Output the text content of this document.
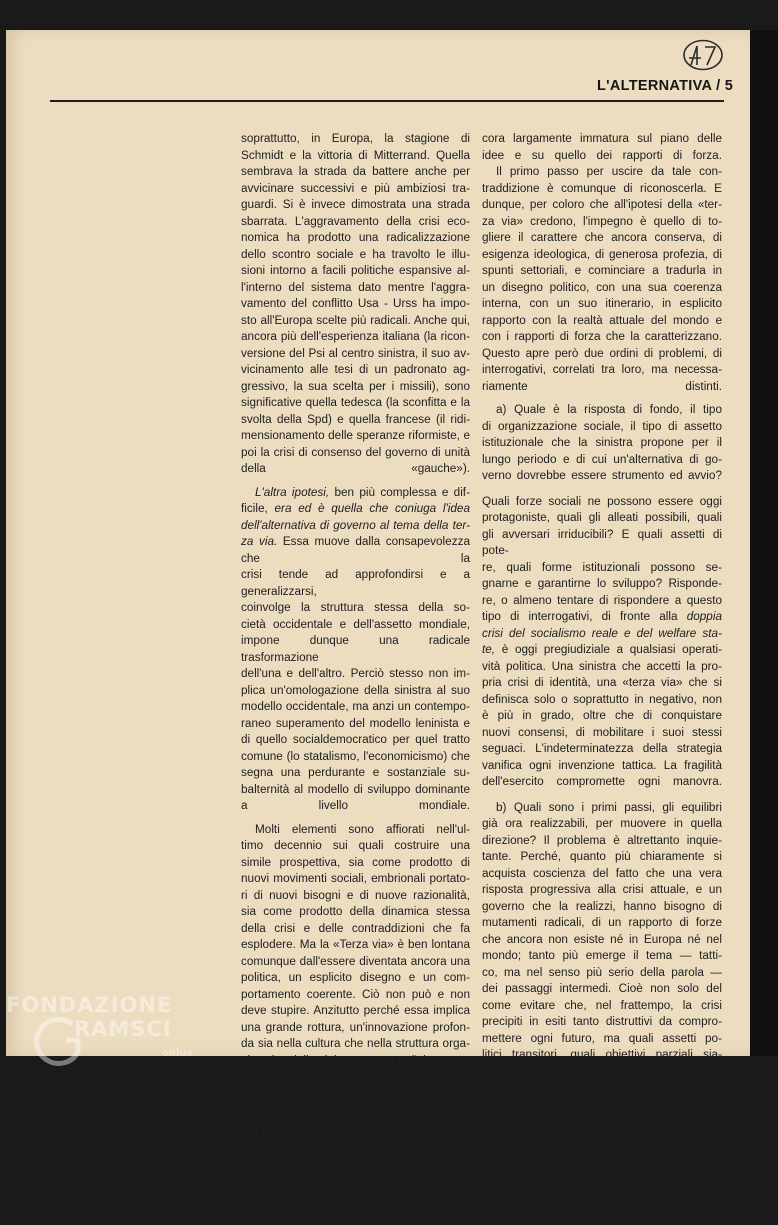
L'ALTERNATIVA / 5

soprattutto, in Europa, la stagione di
Schmidt e la vittoria di Mitterrand. Quella
sembrava la strada da battere anche per
avvicinare successivi e più ambiziosi tra-
guardi. Si è invece dimostrata una strada
sbarrata. L'aggravamento della crisi eco-
nomica ha prodotto una radicalizzazione
dello scontro sociale e ha travolto le illu-
sioni intorno a facili politiche espansive al-
l'interno del sistema dato mentre l'aggra-
vamento del conflitto Usa - Urss ha impo-
sto all'Europa scelte più radicali. Anche qui,
ancora più dell'esperienza italiana (la ricon-
versione del Psi al centro sinistra, il suo av-
vicinamento alle tesi di un padronato ag-
gressivo, la sua scelta per i missili), sono
significative quella tedesca (la sconfitta e la
svolta della Spd) e quella francese (il ridi-
mensionamento delle speranze riformiste, e
poi la crisi di consenso del governo di unità
della «gauche»).

L'altra ipotesi, ben più complessa e dif-
ficile, era ed è quella che coniuga l'idea
dell'alternativa di governo al tema della ter-
za via. Essa muove dalla consapevolezza che la
crisi tende ad approfondirsi e a generalizzarsi,
coinvolge la struttura stessa della so-
cietà occidentale e dell'assetto mondiale,
impone dunque una radicale trasformazione
dell'una e dell'altro. Perciò stesso non im-
plica un'omologazione della sinistra al suo
modello occidentale, ma anzi un contempo-
raneo superamento del modello leninista e
di quello socialdemocratico per quel tratto
comune (lo statalismo, l'economicismo) che
segna una perdurante e sostanziale su-
balternità al modello di sviluppo dominante
a livello mondiale.

Molti elementi sono affiorati nell'ul-
timo decennio sui quali costruire una
simile prospettiva, sia come prodotto di
nuovi movimenti sociali, embrionali portato-
ri di nuovi bisogni e di nuove razionalità,
sia come prodotto della dinamica stessa
della crisi e delle contraddizioni che fa
esplodere. Ma la «Terza via» è ben lontana
comunque dall'essere diventata ancora una
politica, un esplicito disegno e un com-
portamento coerente. Ciò non può e non
deve stupire. Anzitutto perché essa implica
una grande rottura, un'innovazione profon-
da sia nella cultura che nella struttura orga-
nizzativa della sinistra stessa e d'altra parte
perché costituisce tuttora più una prospetti-
va da costruire che una realtà da riconosce-
re.

La sinistra si trova così stretta tra una
ipotesi — quella dell'alternanza e della mo-
dernizzazione — in apparenza più concreta
e più vicina alla sua storia e alla sua realtà,
ma sempre più contraddetta dalle cose, e
un'ipotesi — quella della «terza via» — an-

cora largamente immatura sul piano delle
idee e su quello dei rapporti di forza.

Il primo passo per uscire da tale con-
traddizione è comunque di riconoscerla. E
dunque, per coloro che all'ipotesi della «ter-
za via» credono, l'impegno è quello di to-
gliere il carattere che ancora conserva, di
esigenza ideologica, di generosa profezia, di
spunti settoriali, e cominciare a tradurla in
un disegno politico, con una sua coerenza
interna, con un suo itinerario, in esplicito
rapporto con la realtà attuale del mondo e
con i rapporti di forza che la caratterizzano.
Questo apre però due ordini di problemi, di
interrogativi, correlati tra loro, ma necessa-
riamente distinti.

a) Quale è la risposta di fondo, il tipo
di organizzazione sociale, il tipo di assetto
istituzionale che la sinistra propone per il
lungo periodo e di cui un'alternativa di go-
verno dovrebbe essere strumento ed avvio?

Quali forze sociali ne possono essere oggi
protagoniste, quali gli alleati possibili, quali
gli avversari irriducibili? E quali assetti di pote-
re, quali forme istituzionali possono se-
gnarne e garantirne lo sviluppo? Risponde-
re, o almeno tentare di rispondere a questo
tipo di interrogativi, di fronte alla doppia
crisi del socialismo reale e del welfare sta-
te, è oggi pregiudiziale a qualsiasi operati-
vità politica. Una sinistra che accetti la pro-
pria crisi di identità, una «terza via» che si
definisca solo o soprattutto in negativo, non
è più in grado, oltre che di conquistare
nuovi consensi, di mobilitare i suoi stessi
seguaci. L'indeterminatezza della strategia
vanifica ogni invenzione tattica. La fragilità
dell'esercito compromette ogni manovra.

b) Quali sono i primi passi, gli equilibri
già ora realizzabili, per muovere in quella
direzione? Il problema è altrettanto inquie-
tante. Perché, quanto più chiaramente si
acquista coscienza del fatto che una vera
risposta progressiva alla crisi attuale, e un
governo che la realizzi, hanno bisogno di
mutamenti radicali, di un rapporto di forze
che ancora non esiste né in Europa né nel
mondo; tanto più emerge il tema — tatti-
co, ma nel senso più serio della parola —
dei passaggi intermedi. Cioè non solo del
come evitare che, nel frattempo, la crisi
precipiti in esiti tanto distruttivi da compro-
mettere ogni futuro, ma quali assetti po-
litici transitori, quali obiettivi parziali sia-
no necessari e possibili, per far avanzare
quel processo più di fondo. L'errore — teo-
rico e politico — che ha accumunato nel-
l'ultimo decennio vecchia e nuova sinistra,
è stato proprio di aver cancellato la distin-
zione, oltre che il nesso, tra questi due pia-
ni: di aver riconosciuto la profondità della

FONDAZIONE
RAMSCI
onlus
